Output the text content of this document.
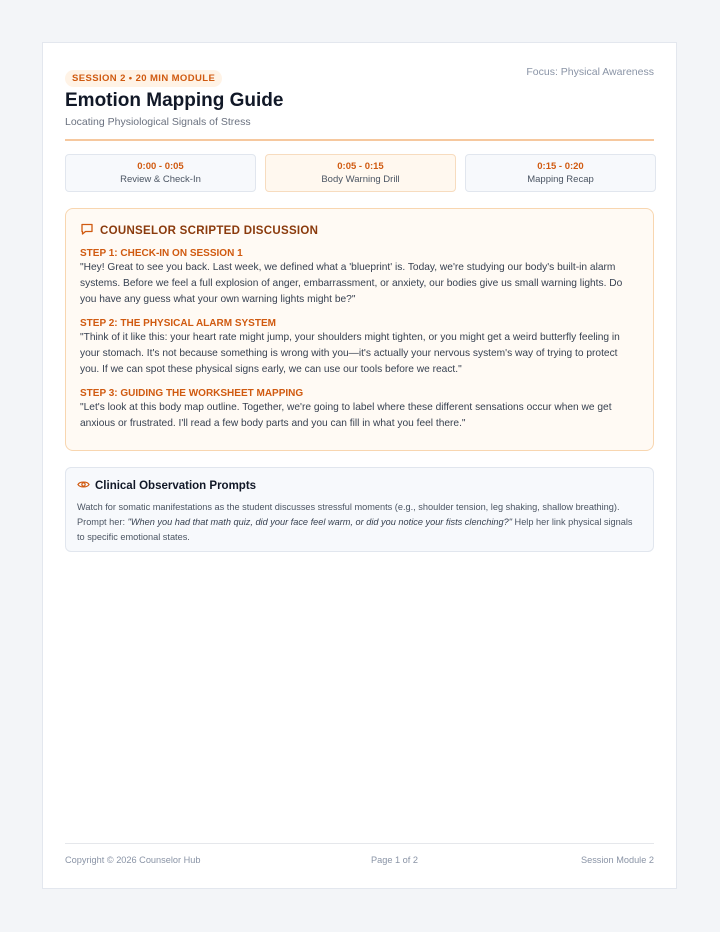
SESSION 2 • 20 MIN MODULE
Focus: Physical Awareness
Emotion Mapping Guide
Locating Physiological Signals of Stress
0:00 - 0:05
Review & Check-In
0:05 - 0:15
Body Warning Drill
0:15 - 0:20
Mapping Recap
COUNSELOR SCRIPTED DISCUSSION
STEP 1: CHECK-IN ON SESSION 1
"Hey! Great to see you back. Last week, we defined what a 'blueprint' is. Today, we're studying our body's built-in alarm systems. Before we feel a full explosion of anger, embarrassment, or anxiety, our bodies give us small warning lights. Do you have any guess what your own warning lights might be?"
STEP 2: THE PHYSICAL ALARM SYSTEM
"Think of it like this: your heart rate might jump, your shoulders might tighten, or you might get a weird butterfly feeling in your stomach. It's not because something is wrong with you—it's actually your nervous system's way of trying to protect you. If we can spot these physical signs early, we can use our tools before we react."
STEP 3: GUIDING THE WORKSHEET MAPPING
"Let's look at this body map outline. Together, we're going to label where these different sensations occur when we get anxious or frustrated. I'll read a few body parts and you can fill in what you feel there."
Clinical Observation Prompts
Watch for somatic manifestations as the student discusses stressful moments (e.g., shoulder tension, leg shaking, shallow breathing). Prompt her: "When you had that math quiz, did your face feel warm, or did you notice your fists clenching?" Help her link physical signals to specific emotional states.
Copyright © 2026 Counselor Hub	Page 1 of 2	Session Module 2
